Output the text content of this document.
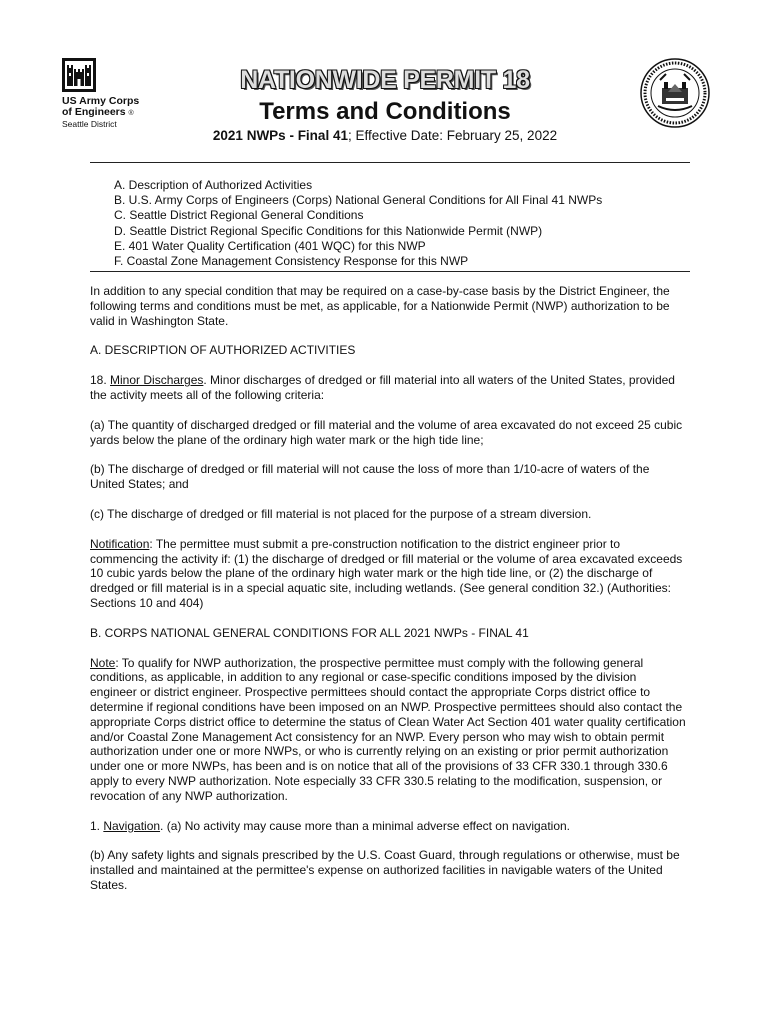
US Army Corps
of Engineers ®
Seattle District
NATIONWIDE PERMIT 18
Terms and Conditions
2021 NWPs - Final 41; Effective Date: February 25, 2022
A. Description of Authorized Activities
B. U.S. Army Corps of Engineers (Corps) National General Conditions for All Final 41 NWPs
C. Seattle District Regional General Conditions
D. Seattle District Regional Specific Conditions for this Nationwide Permit (NWP)
E. 401 Water Quality Certification (401 WQC) for this NWP
F. Coastal Zone Management Consistency Response for this NWP

In addition to any special condition that may be required on a case-by-case basis by the District Engineer, the following terms and conditions must be met, as applicable, for a Nationwide Permit (NWP) authorization to be valid in Washington State.

A. DESCRIPTION OF AUTHORIZED ACTIVITIES

18. Minor Discharges. Minor discharges of dredged or fill material into all waters of the United States, provided the activity meets all of the following criteria:

(a) The quantity of discharged dredged or fill material and the volume of area excavated do not exceed 25 cubic yards below the plane of the ordinary high water mark or the high tide line;

(b) The discharge of dredged or fill material will not cause the loss of more than 1/10-acre of waters of the United States; and

(c) The discharge of dredged or fill material is not placed for the purpose of a stream diversion.

Notification: The permittee must submit a pre-construction notification to the district engineer prior to commencing the activity if: (1) the discharge of dredged or fill material or the volume of area excavated exceeds 10 cubic yards below the plane of the ordinary high water mark or the high tide line, or (2) the discharge of dredged or fill material is in a special aquatic site, including wetlands. (See general condition 32.) (Authorities: Sections 10 and 404)

B. CORPS NATIONAL GENERAL CONDITIONS FOR ALL 2021 NWPs - FINAL 41

Note: To qualify for NWP authorization, the prospective permittee must comply with the following general conditions, as applicable, in addition to any regional or case-specific conditions imposed by the division engineer or district engineer. Prospective permittees should contact the appropriate Corps district office to determine if regional conditions have been imposed on an NWP. Prospective permittees should also contact the appropriate Corps district office to determine the status of Clean Water Act Section 401 water quality certification and/or Coastal Zone Management Act consistency for an NWP. Every person who may wish to obtain permit authorization under one or more NWPs, or who is currently relying on an existing or prior permit authorization under one or more NWPs, has been and is on notice that all of the provisions of 33 CFR 330.1 through 330.6 apply to every NWP authorization. Note especially 33 CFR 330.5 relating to the modification, suspension, or revocation of any NWP authorization.

1. Navigation. (a) No activity may cause more than a minimal adverse effect on navigation.

(b) Any safety lights and signals prescribed by the U.S. Coast Guard, through regulations or otherwise, must be installed and maintained at the permittee's expense on authorized facilities in navigable waters of the United States.
